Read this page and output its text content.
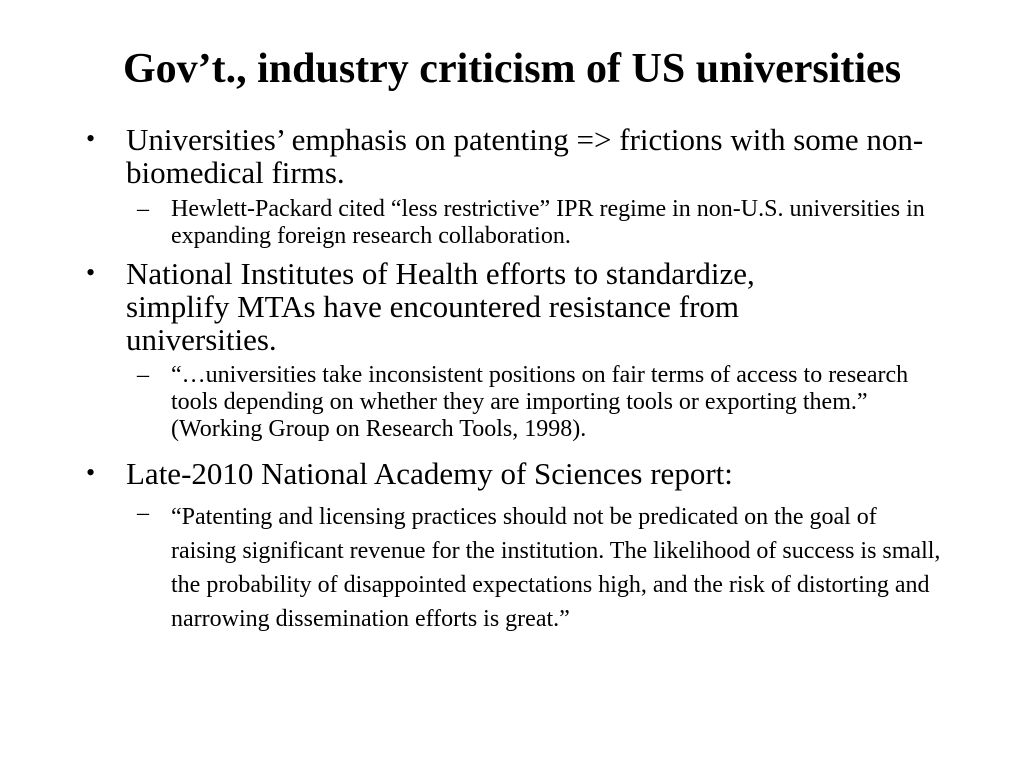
Gov’t., industry criticism of US universities
• Universities’ emphasis on patenting => frictions with some non-biomedical firms.

– Hewlett-Packard cited “less restrictive” IPR regime in non-U.S. universities in expanding foreign research collaboration.

• National Institutes of Health efforts to standardize, simplify MTAs have encountered resistance from universities.

– “…universities take inconsistent positions on fair terms of access to research tools depending on whether they are importing tools or exporting them.” (Working Group on Research Tools, 1998).

• Late-2010 National Academy of Sciences report:

– “Patenting and licensing practices should not be predicated on the goal of raising significant revenue for the institution. The likelihood of success is small, the probability of disappointed expectations high, and the risk of distorting and narrowing dissemination efforts is great.”
